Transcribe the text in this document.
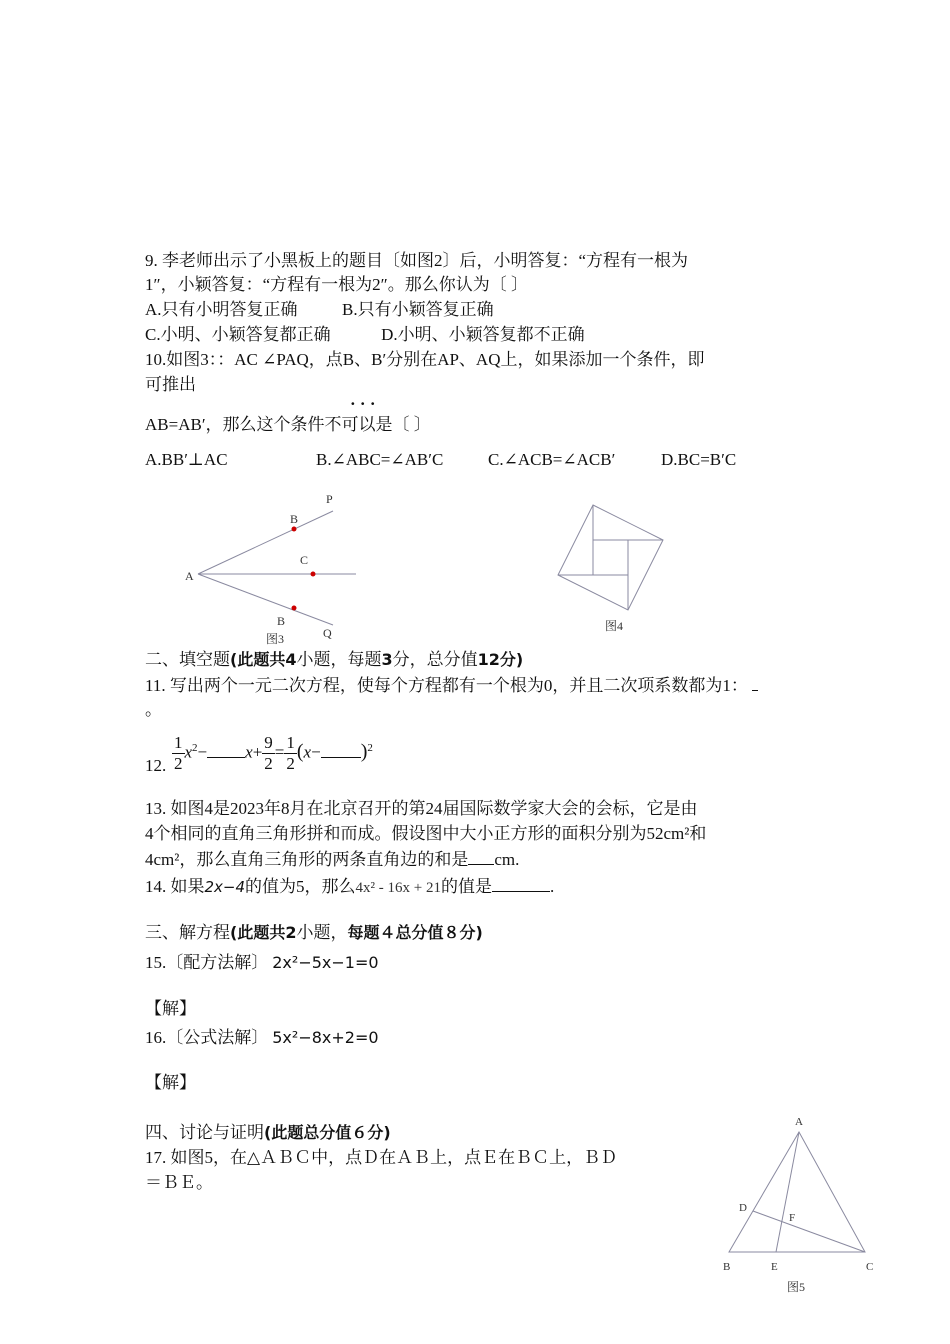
9. 李老师出示了小黑板上的题目〔如图2〕后，小明答复：“方程有一根为
1″，小颖答复：“方程有一根为2″。那么你认为〔 〕
A.只有小明答复正确	B.只有小颖答复正确
C.小明、小颖答复都正确	D.小明、小颖答复都不正确
10.如图3：：AC ∠PAQ，点B、B′分别在AP、AQ上，如果添加一个条件，即
可推出
· · ·
AB=AB′，那么这个条件不可以是〔 〕
A.BB′⊥AC	B.∠ABC=∠AB′C	C.∠ACB=∠ACB′	D.BC=B′C
P
B
C
A
B
Q
图3
图4
二、填空题(此题共4小题，每题3分，总分值12分)
11. 写出两个一元二次方程，使每个方程都有一个根为0，并且二次项系数都为1：
。
12. $\frac{1}{2} x^2- x+ \frac{9}{2} = \frac{1}{2} (x- )^2$
13. 如图4是2023年8月在北京召开的第24届国际数学家大会的会标，它是由
4个相同的直角三角形拼和而成。假设图中大小正方形的面积分别为52cm²和
4cm²，那么直角三角形的两条直角边的和是 cm.
14. 如果2x−4的值为5，那么4x² - 16x + 21的值是	.
三、解方程(此题共2小题，每题４总分值８分)
15.〔配方法解〕 2x²−5x−1=0
【解】
16.〔公式法解〕 5x²−8x+2=0
【解】
四、讨论与证明(此题总分值６分)
17. 如图5，在△ＡＢＣ中，点Ｄ在ＡＢ上，点Ｅ在ＢＣ上，ＢＤ
＝ＢＥ。
A
D
F
B	E	C
图5
